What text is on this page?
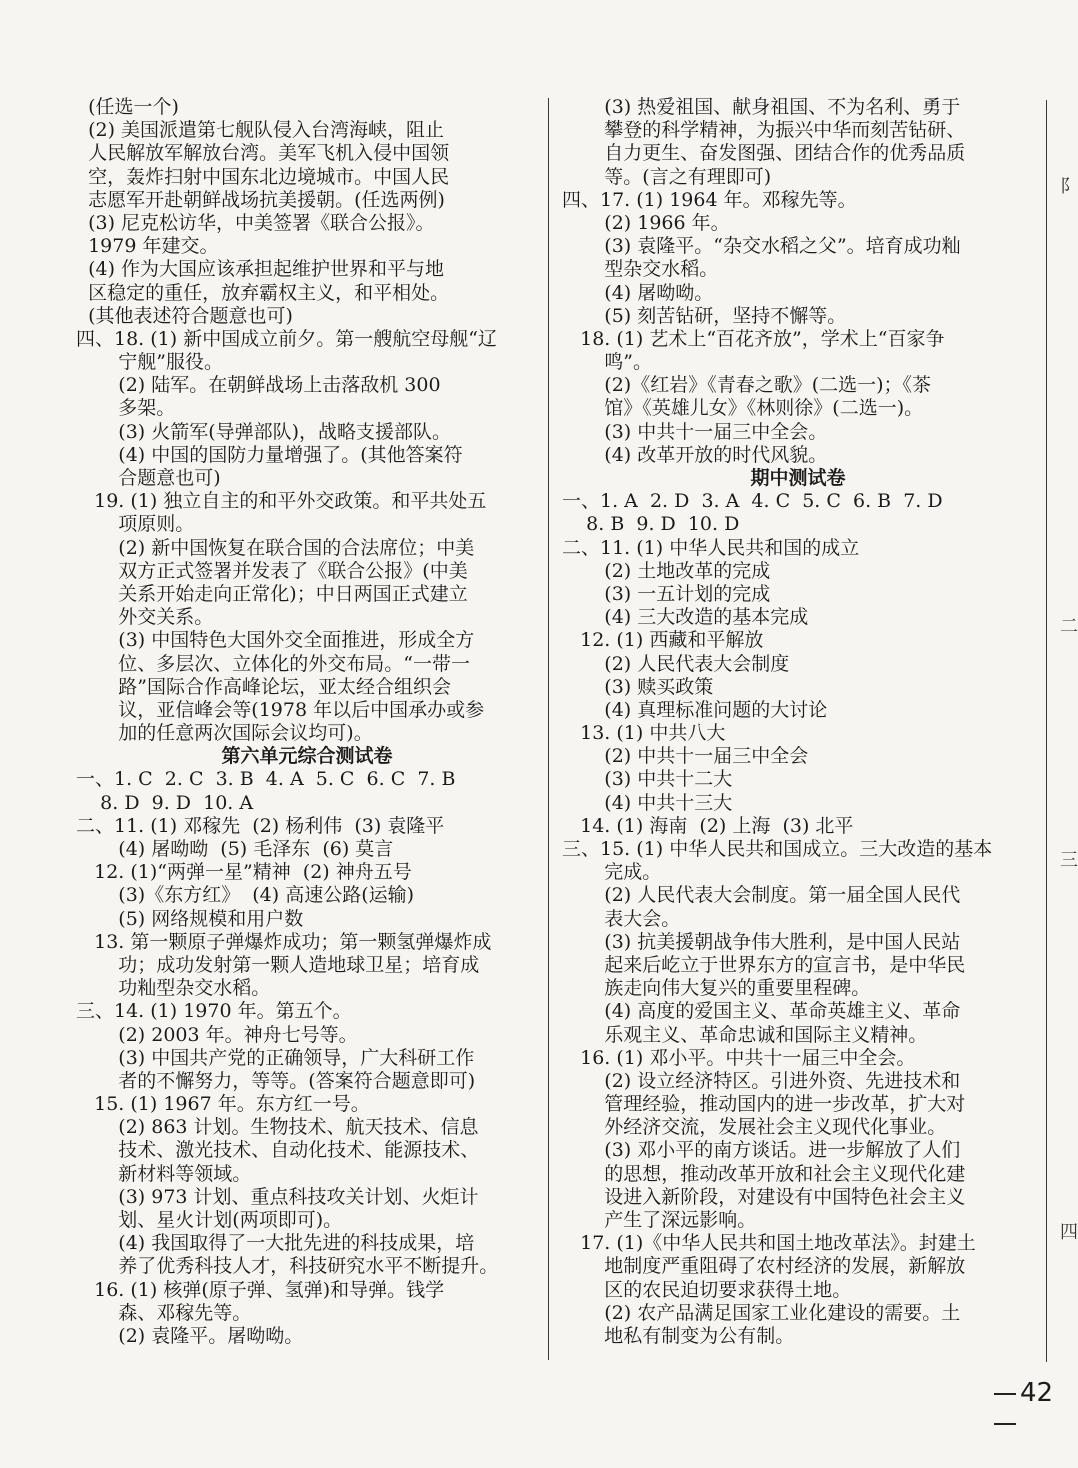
(任选一个)
(2) 美国派遣第七舰队侵入台湾海峡，阻止
人民解放军解放台湾。美军飞机入侵中国领
空，轰炸扫射中国东北边境城市。中国人民
志愿军开赴朝鲜战场抗美援朝。(任选两例)
(3) 尼克松访华，中美签署《联合公报》。
1979 年建交。
(4) 作为大国应该承担起维护世界和平与地
区稳定的重任，放弃霸权主义，和平相处。
(其他表述符合题意也可)
四、18. (1) 新中国成立前夕。第一艘航空母舰“辽
宁舰”服役。
(2) 陆军。在朝鲜战场上击落敌机 300
多架。
(3) 火箭军(导弹部队)，战略支援部队。
(4) 中国的国防力量增强了。(其他答案符
合题意也可)
19. (1) 独立自主的和平外交政策。和平共处五
项原则。
(2) 新中国恢复在联合国的合法席位；中美
双方正式签署并发表了《联合公报》(中美
关系开始走向正常化)；中日两国正式建立
外交关系。
(3) 中国特色大国外交全面推进，形成全方
位、多层次、立体化的外交布局。“一带一
路”国际合作高峰论坛，亚太经合组织会
议，亚信峰会等(1978 年以后中国承办或参
加的任意两次国际会议均可)。
第六单元综合测试卷
一、1. C  2. C  3. B  4. A  5. C  6. C  7. B
8. D  9. D  10. A
二、11. (1) 邓稼先  (2) 杨利伟  (3) 袁隆平
(4) 屠呦呦  (5) 毛泽东  (6) 莫言
12. (1)“两弹一星”精神  (2) 神舟五号
(3)《东方红》  (4) 高速公路(运输)
(5) 网络规模和用户数
13. 第一颗原子弹爆炸成功；第一颗氢弹爆炸成
功；成功发射第一颗人造地球卫星；培育成
功籼型杂交水稻。
三、14. (1) 1970 年。第五个。
(2) 2003 年。神舟七号等。
(3) 中国共产党的正确领导，广大科研工作
者的不懈努力，等等。(答案符合题意即可)
15. (1) 1967 年。东方红一号。
(2) 863 计划。生物技术、航天技术、信息
技术、激光技术、自动化技术、能源技术、
新材料等领域。
(3) 973 计划、重点科技攻关计划、火炬计
划、星火计划(两项即可)。
(4) 我国取得了一大批先进的科技成果，培
养了优秀科技人才，科技研究水平不断提升。
16. (1) 核弹(原子弹、氢弹)和导弹。钱学
森、邓稼先等。
(2) 袁隆平。屠呦呦。
(3) 热爱祖国、献身祖国、不为名利、勇于
攀登的科学精神，为振兴中华而刻苦钻研、
自力更生、奋发图强、团结合作的优秀品质
等。(言之有理即可)
四、17. (1) 1964 年。邓稼先等。
(2) 1966 年。
(3) 袁隆平。“杂交水稻之父”。培育成功籼
型杂交水稻。
(4) 屠呦呦。
(5) 刻苦钻研，坚持不懈等。
18. (1) 艺术上“百花齐放”，学术上“百家争
鸣”。
(2)《红岩》《青春之歌》(二选一)；《茶
馆》《英雄儿女》《林则徐》(二选一)。
(3) 中共十一届三中全会。
(4) 改革开放的时代风貌。
期中测试卷
一、1. A  2. D  3. A  4. C  5. C  6. B  7. D
8. B  9. D  10. D
二、11. (1) 中华人民共和国的成立
(2) 土地改革的完成
(3) 一五计划的完成
(4) 三大改造的基本完成
12. (1) 西藏和平解放
(2) 人民代表大会制度
(3) 赎买政策
(4) 真理标准问题的大讨论
13. (1) 中共八大
(2) 中共十一届三中全会
(3) 中共十二大
(4) 中共十三大
14. (1) 海南  (2) 上海  (3) 北平
三、15. (1) 中华人民共和国成立。三大改造的基本
完成。
(2) 人民代表大会制度。第一届全国人民代
表大会。
(3) 抗美援朝战争伟大胜利，是中国人民站
起来后屹立于世界东方的宣言书，是中华民
族走向伟大复兴的重要里程碑。
(4) 高度的爱国主义、革命英雄主义、革命
乐观主义、革命忠诚和国际主义精神。
16. (1) 邓小平。中共十一届三中全会。
(2) 设立经济特区。引进外资、先进技术和
管理经验，推动国内的进一步改革，扩大对
外经济交流，发展社会主义现代化事业。
(3) 邓小平的南方谈话。进一步解放了人们
的思想，推动改革开放和社会主义现代化建
设进入新阶段，对建设有中国特色社会主义
产生了深远影响。
17. (1)《中华人民共和国土地改革法》。封建土
地制度严重阻碍了农村经济的发展，新解放
区的农民迫切要求获得土地。
(2) 农产品满足国家工业化建设的需要。土
地私有制变为公有制。
阝
二
三
四
42
